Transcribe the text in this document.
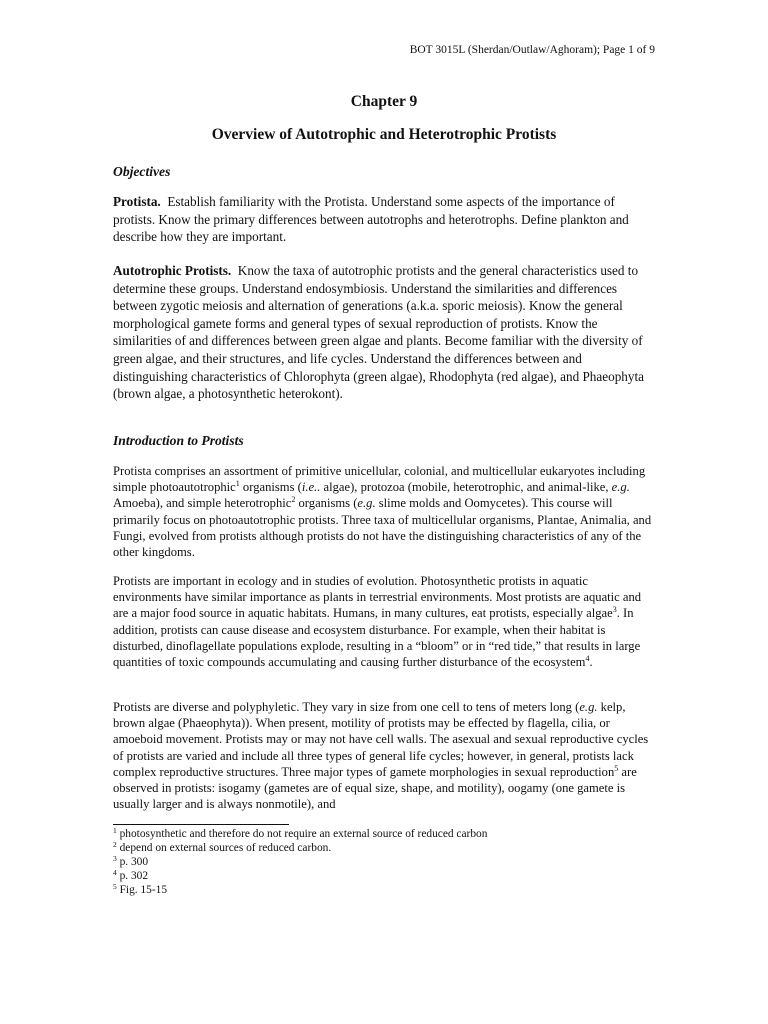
BOT 3015L (Sherdan/Outlaw/Aghoram); Page 1 of 9
Chapter 9
Overview of Autotrophic and Heterotrophic Protists

Objectives

Protista. Establish familiarity with the Protista. Understand some aspects of the importance of protists. Know the primary differences between autotrophs and heterotrophs. Define plankton and describe how they are important.

Autotrophic Protists. Know the taxa of autotrophic protists and the general characteristics used to determine these groups. Understand endosymbiosis. Understand the similarities and differences between zygotic meiosis and alternation of generations (a.k.a. sporic meiosis). Know the general morphological gamete forms and general types of sexual reproduction of protists. Know the similarities of and differences between green algae and plants. Become familiar with the diversity of green algae, and their structures, and life cycles. Understand the differences between and distinguishing characteristics of Chlorophyta (green algae), Rhodophyta (red algae), and Phaeophyta (brown algae, a photosynthetic heterokont).

Introduction to Protists

Protista comprises an assortment of primitive unicellular, colonial, and multicellular eukaryotes including simple photoautotrophic$^1$ organisms (i.e.. algae), protozoa (mobile, heterotrophic, and animal-like, e.g. Amoeba), and simple heterotrophic$^2$ organisms (e.g. slime molds and Oomycetes). This course will primarily focus on photoautotrophic protists. Three taxa of multicellular organisms, Plantae, Animalia, and Fungi, evolved from protists although protists do not have the distinguishing characteristics of any of the other kingdoms.

Protists are important in ecology and in studies of evolution. Photosynthetic protists in aquatic environments have similar importance as plants in terrestrial environments. Most protists are aquatic and are a major food source in aquatic habitats. Humans, in many cultures, eat protists, especially algae$^3$. In addition, protists can cause disease and ecosystem disturbance. For example, when their habitat is disturbed, dinoflagellate populations explode, resulting in a “bloom” or in “red tide,” that results in large quantities of toxic compounds accumulating and causing further disturbance of the ecosystem$^4$.

Protists are diverse and polyphyletic. They vary in size from one cell to tens of meters long (e.g. kelp, brown algae (Phaeophyta)). When present, motility of protists may be effected by flagella, cilia, or amoeboid movement. Protists may or may not have cell walls. The asexual and sexual reproductive cycles of protists are varied and include all three types of general life cycles; however, in general, protists lack complex reproductive structures. Three major types of gamete morphologies in sexual reproduction$^5$ are observed in protists: isogamy (gametes are of equal size, shape, and motility), oogamy (one gamete is usually larger and is always nonmotile), and

$^1$ photosynthetic and therefore do not require an external source of reduced carbon
$^2$ depend on external sources of reduced carbon.
$^3$ p. 300
$^4$ p. 302
$^5$ Fig. 15-15
